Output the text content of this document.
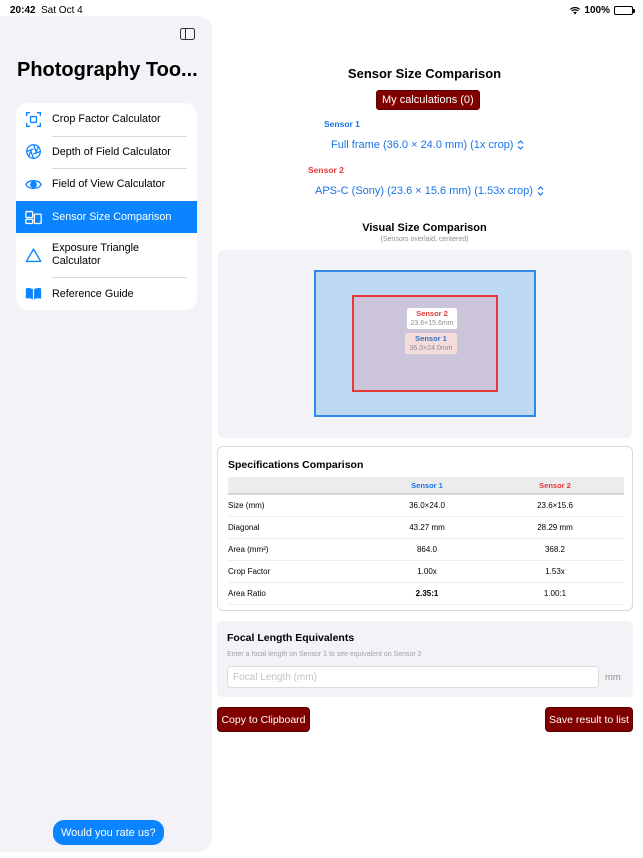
20:42 Sat Oct 4	100%
Photography Too...
Crop Factor Calculator
Depth of Field Calculator
Field of View Calculator
Sensor Size Comparison
Exposure Triangle Calculator
Reference Guide
Would you rate us?
Sensor Size Comparison
My calculations (0)
Sensor 1
Full frame (36.0 × 24.0 mm) (1x crop)
Sensor 2
APS-C (Sony) (23.6 × 15.6 mm) (1.53x crop)
Visual Size Comparison
(Sensors overlaid, centered)
Sensor 2
23.6×15.6mm
Sensor 1
36.0×24.0mm
Specifications Comparison
	Sensor 1	Sensor 2
Size (mm)	36.0×24.0	23.6×15.6
Diagonal	43.27 mm	28.29 mm
Area (mm²)	864.0	368.2
Crop Factor	1.00x	1.53x
Area Ratio	2.35:1	1.00:1
Focal Length Equivalents
Enter a focal length on Sensor 1 to see equivalent on Sensor 2
Focal Length (mm)
mm
Copy to Clipboard	Save result to list
